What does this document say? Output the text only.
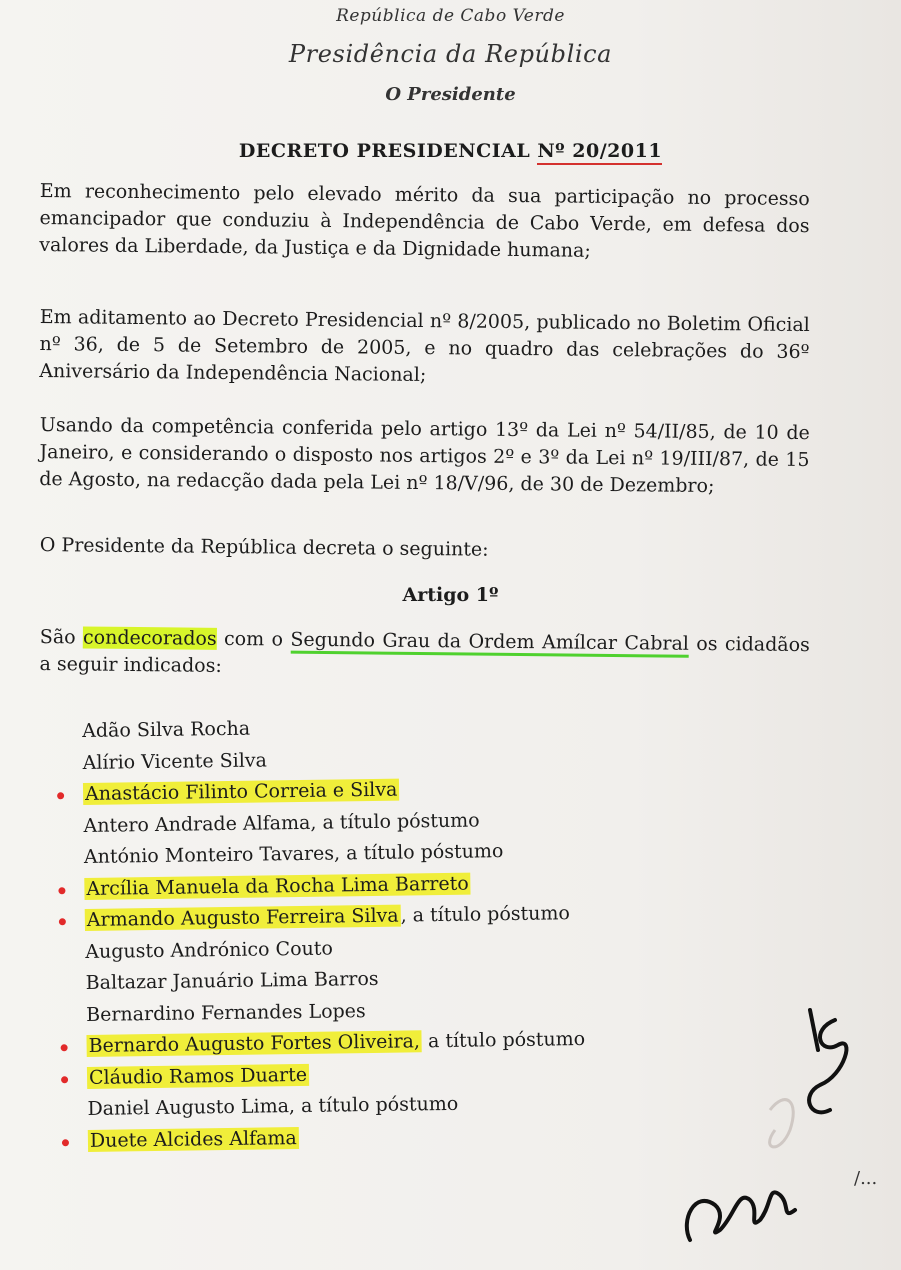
República de Cabo Verde
Presidência da República
O Presidente
DECRETO PRESIDENCIAL Nº 20/2011
Em reconhecimento pelo elevado mérito da sua participação no processo emancipador que conduziu à Independência de Cabo Verde, em defesa dos valores da Liberdade, da Justiça e da Dignidade humana;
Em aditamento ao Decreto Presidencial nº 8/2005, publicado no Boletim Oficial nº 36, de 5 de Setembro de 2005, e no quadro das celebrações do 36º Aniversário da Independência Nacional;
Usando da competência conferida pelo artigo 13º da Lei nº 54/II/85, de 10 de Janeiro, e considerando o disposto nos artigos 2º e 3º da Lei nº 19/III/87, de 15 de Agosto, na redacção dada pela Lei nº 18/V/96, de 30 de Dezembro;
O Presidente da República decreta o seguinte:
Artigo 1º
São condecorados com o Segundo Grau da Ordem Amílcar Cabral os cidadãos a seguir indicados:
Adão Silva Rocha
Alírio Vicente Silva
Anastácio Filinto Correia e Silva
Antero Andrade Alfama, a título póstumo
António Monteiro Tavares, a título póstumo
Arcília Manuela da Rocha Lima Barreto
Armando Augusto Ferreira Silva, a título póstumo
Augusto Andrónico Couto
Baltazar Januário Lima Barros
Bernardino Fernandes Lopes
Bernardo Augusto Fortes Oliveira, a título póstumo
Cláudio Ramos Duarte
Daniel Augusto Lima, a título póstumo
Duete Alcides Alfama
/...
